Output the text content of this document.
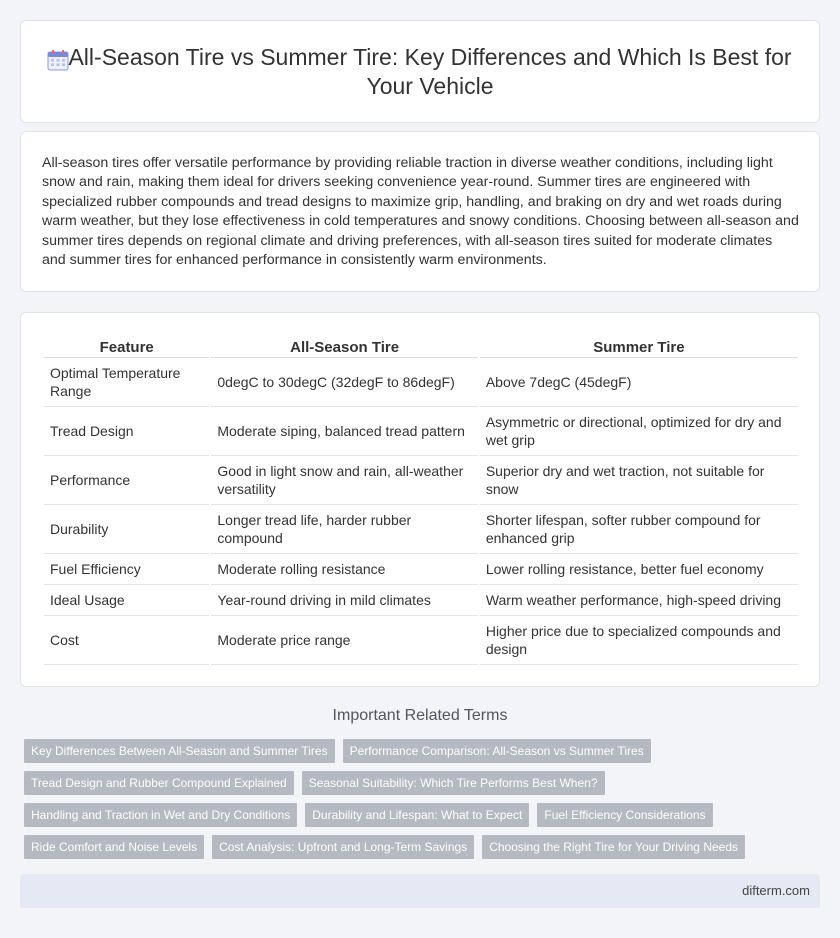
All-Season Tire vs Summer Tire: Key Differences and Which Is Best for Your Vehicle

All-season tires offer versatile performance by providing reliable traction in diverse weather conditions, including light snow and rain, making them ideal for drivers seeking convenience year-round. Summer tires are engineered with specialized rubber compounds and tread designs to maximize grip, handling, and braking on dry and wet roads during warm weather, but they lose effectiveness in cold temperatures and snowy conditions. Choosing between all-season and summer tires depends on regional climate and driving preferences, with all-season tires suited for moderate climates and summer tires for enhanced performance in consistently warm environments.

Feature	All-Season Tire	Summer Tire
Optimal Temperature Range	0degC to 30degC (32degF to 86degF)	Above 7degC (45degF)
Tread Design	Moderate siping, balanced tread pattern	Asymmetric or directional, optimized for dry and wet grip
Performance	Good in light snow and rain, all-weather versatility	Superior dry and wet traction, not suitable for snow
Durability	Longer tread life, harder rubber compound	Shorter lifespan, softer rubber compound for enhanced grip
Fuel Efficiency	Moderate rolling resistance	Lower rolling resistance, better fuel economy
Ideal Usage	Year-round driving in mild climates	Warm weather performance, high-speed driving
Cost	Moderate price range	Higher price due to specialized compounds and design
Important Related Terms
Key Differences Between All-Season and Summer Tires	Performance Comparison: All-Season vs Summer Tires
Tread Design and Rubber Compound Explained	Seasonal Suitability: Which Tire Performs Best When?
Handling and Traction in Wet and Dry Conditions	Durability and Lifespan: What to Expect	Fuel Efficiency Considerations
Ride Comfort and Noise Levels	Cost Analysis: Upfront and Long-Term Savings	Choosing the Right Tire for Your Driving Needs
difterm.com
